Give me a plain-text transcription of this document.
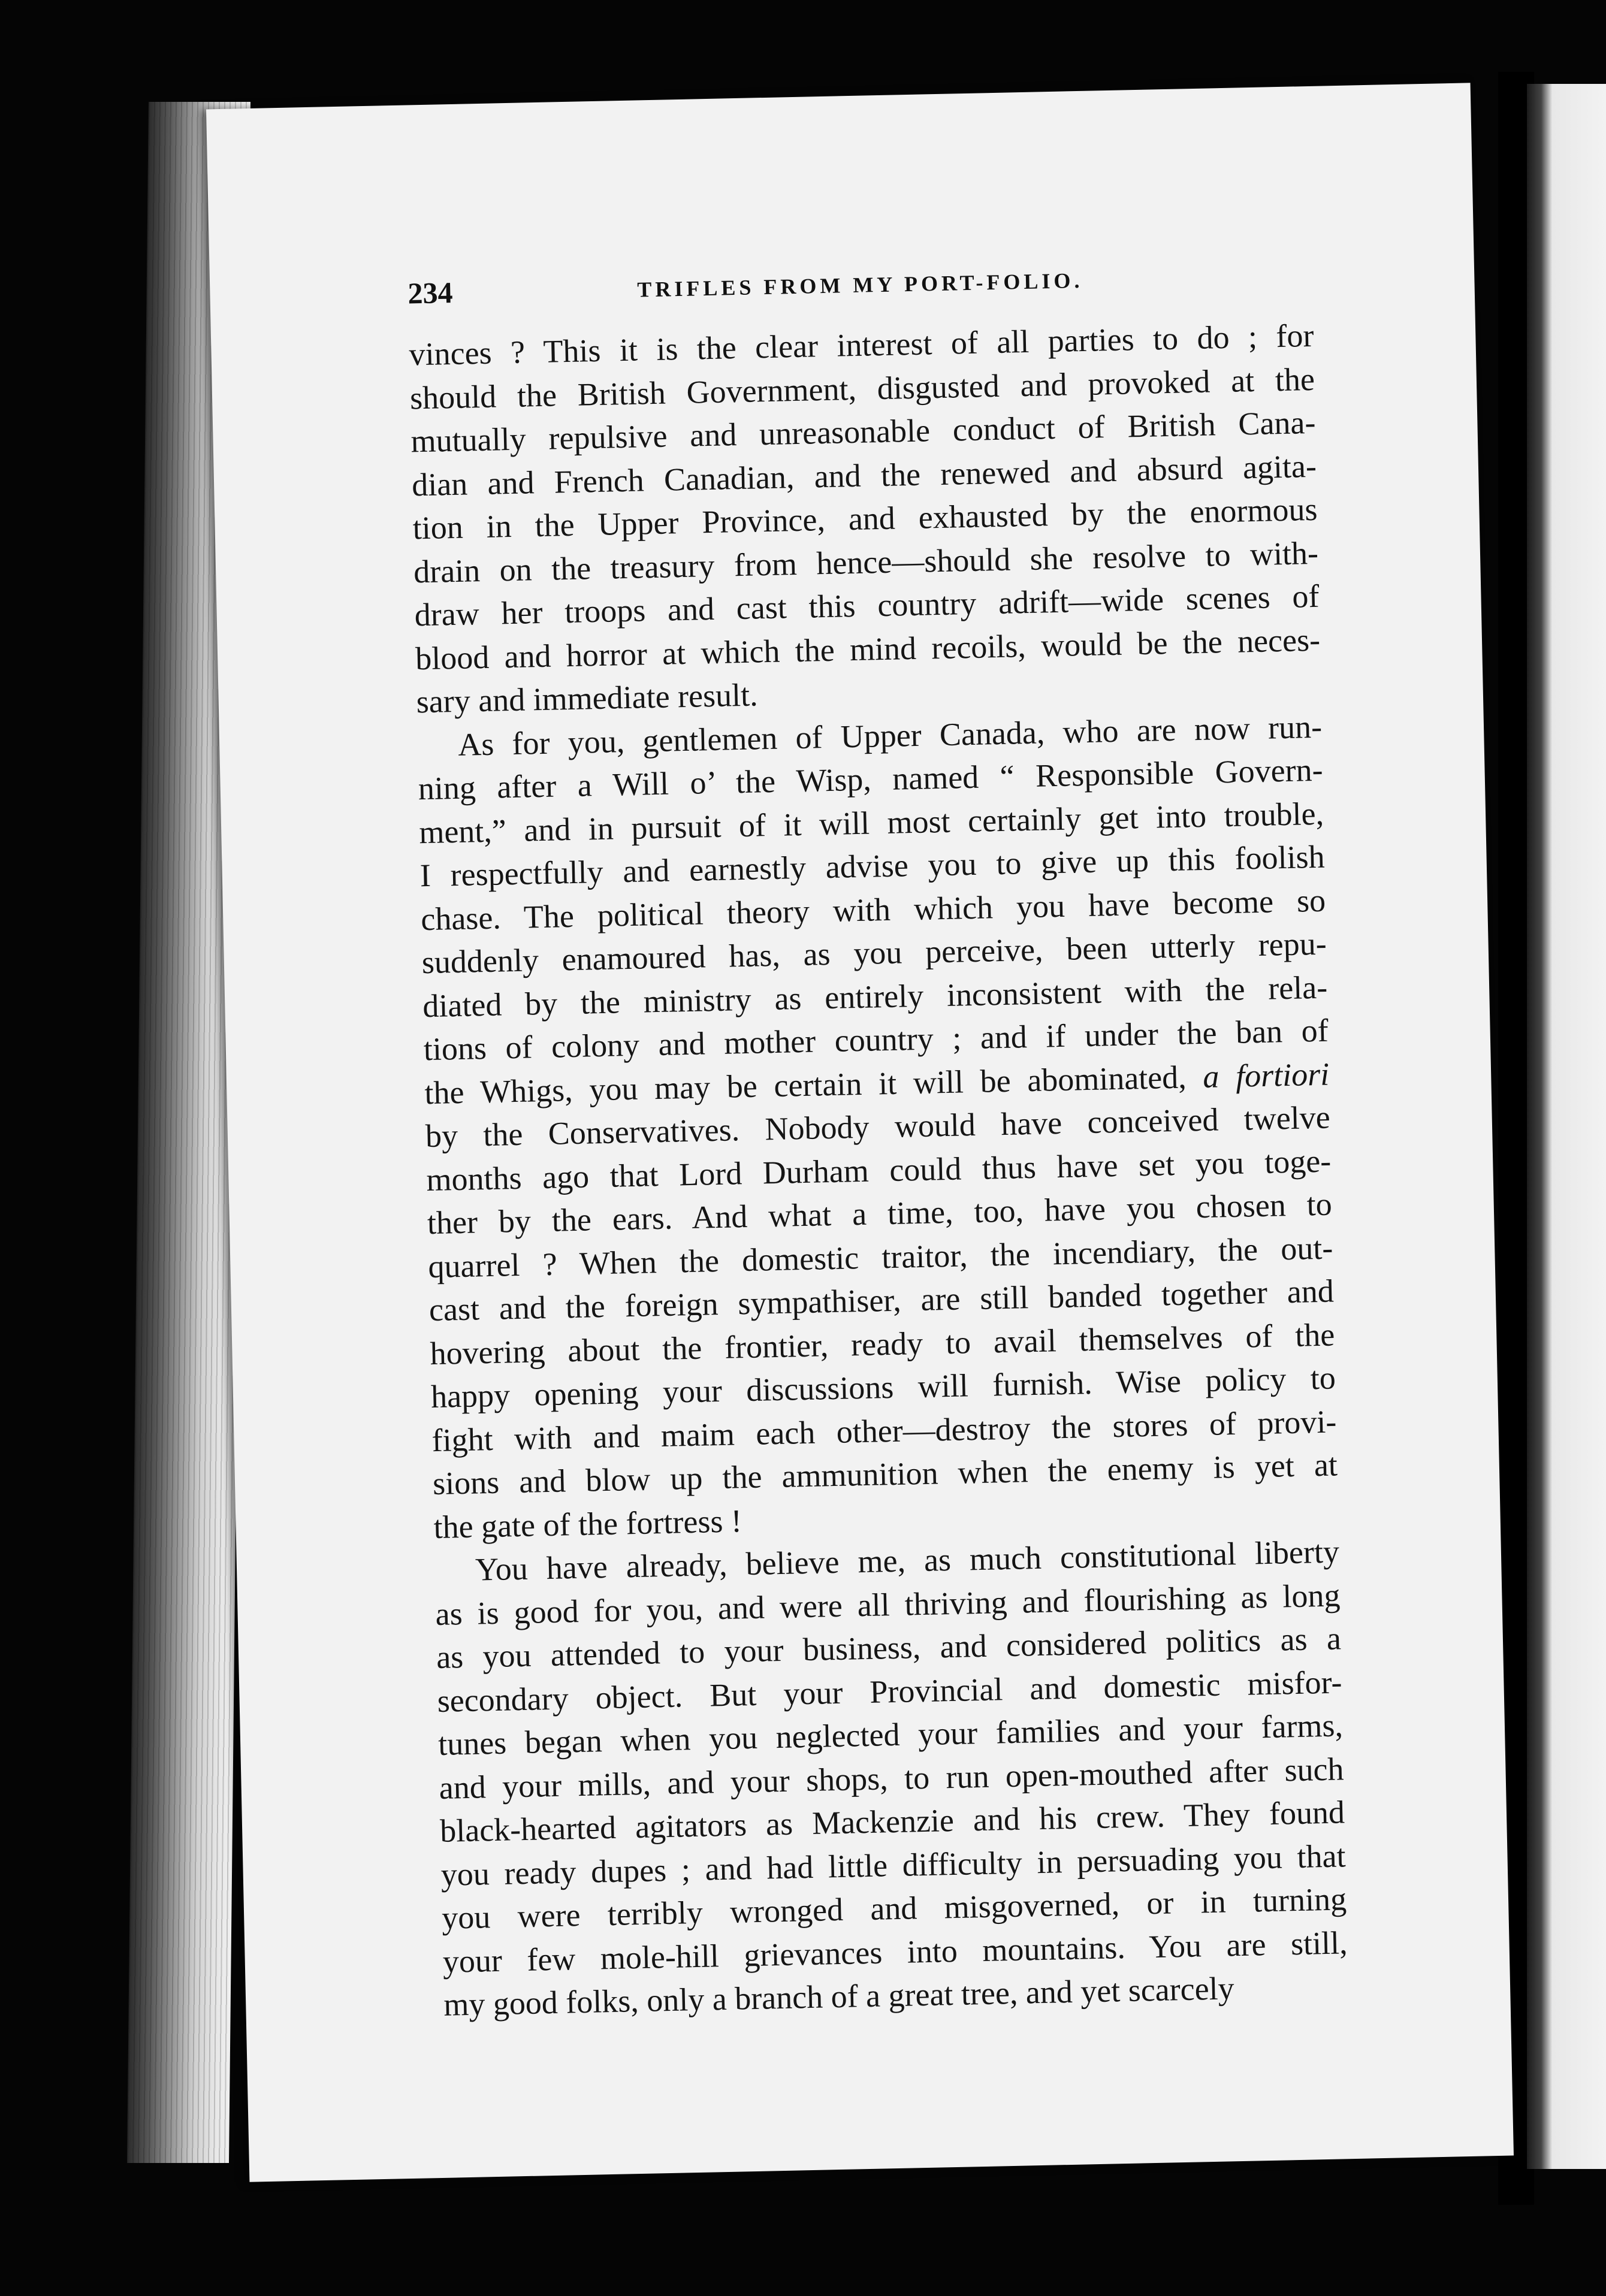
234	TRIFLES FROM MY PORT-FOLIO.
vinces ? This it is the clear interest of all parties to do ; for
should the British Government, disgusted and provoked at the
mutually repulsive and unreasonable conduct of British Cana-
dian and French Canadian, and the renewed and absurd agita-
tion in the Upper Province, and exhausted by the enormous
drain on the treasury from hence—should she resolve to with-
draw her troops and cast this country adrift—wide scenes of
blood and horror at which the mind recoils, would be the neces-
sary and immediate result.
As for you, gentlemen of Upper Canada, who are now run-
ning after a Will o’ the Wisp, named “ Responsible Govern-
ment,” and in pursuit of it will most certainly get into trouble,
I respectfully and earnestly advise you to give up this foolish
chase. The political theory with which you have become so
suddenly enamoured has, as you perceive, been utterly repu-
diated by the ministry as entirely inconsistent with the rela-
tions of colony and mother country ; and if under the ban of
the Whigs, you may be certain it will be abominated, a fortiori
by the Conservatives. Nobody would have conceived twelve
months ago that Lord Durham could thus have set you toge-
ther by the ears. And what a time, too, have you chosen to
quarrel ? When the domestic traitor, the incendiary, the out-
cast and the foreign sympathiser, are still banded together and
hovering about the frontier, ready to avail themselves of the
happy opening your discussions will furnish. Wise policy to
fight with and maim each other—destroy the stores of provi-
sions and blow up the ammunition when the enemy is yet at
the gate of the fortress !
You have already, believe me, as much constitutional liberty
as is good for you, and were all thriving and flourishing as long
as you attended to your business, and considered politics as a
secondary object. But your Provincial and domestic misfor-
tunes began when you neglected your families and your farms,
and your mills, and your shops, to run open-mouthed after such
black-hearted agitators as Mackenzie and his crew. They found
you ready dupes ; and had little difficulty in persuading you that
you were terribly wronged and misgoverned, or in turning
your few mole-hill grievances into mountains. You are still,
my good folks, only a branch of a great tree, and yet scarcely
